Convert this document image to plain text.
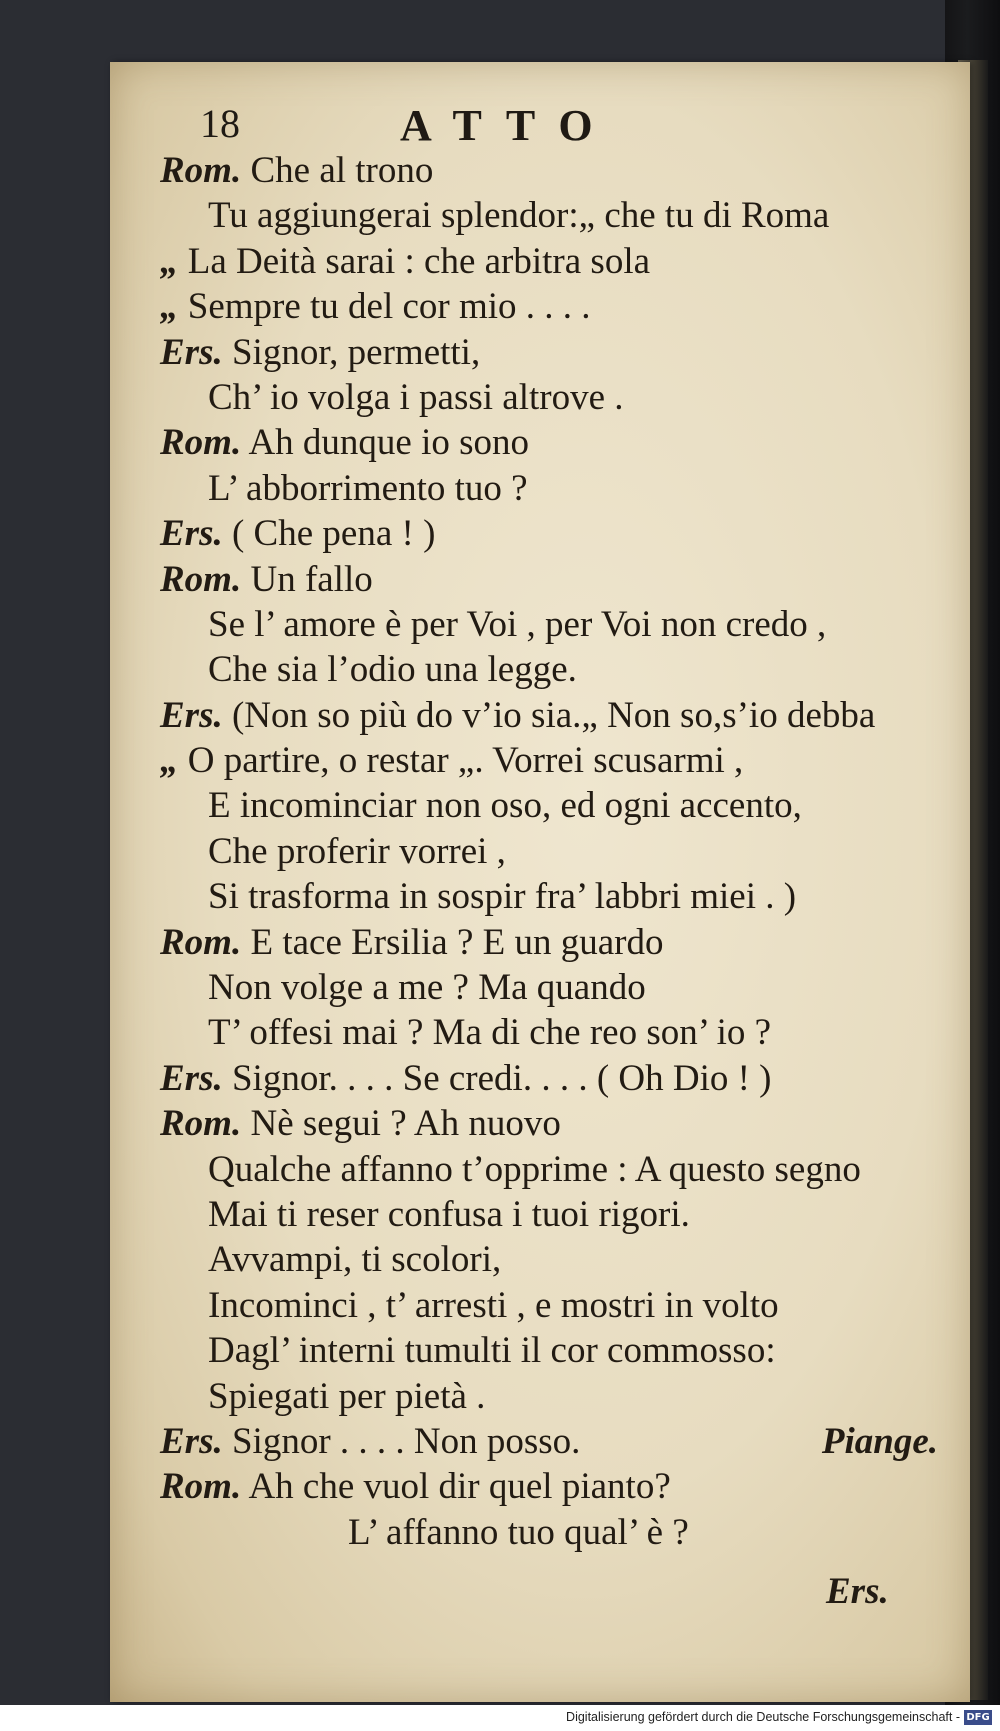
18	ATTO
Rom. Che al trono
Tu aggiungerai splendor:„ che tu di Roma
„ La Deità sarai : che arbitra sola
„ Sempre tu del cor mio . . . .
Ers. Signor, permetti,
Ch’ io volga i passi altrove .
Rom. Ah dunque io sono
L’ abborrimento tuo ?
Ers. ( Che pena ! )
Rom. Un fallo
Se l’ amore è per Voi , per Voi non credo ,
Che sia l’odio una legge.
Ers. (Non so più do v’io sia.„ Non so,s’io debba
„ O partire, o restar „. Vorrei scusarmi ,
E incominciar non oso, ed ogni accento,
Che proferir vorrei ,
Si trasforma in sospir fra’ labbri miei . )
Rom. E tace Ersilia ? E un guardo
Non volge a me ? Ma quando
T’ offesi mai ? Ma di che reo son’ io ?
Ers. Signor. . . . Se credi. . . . ( Oh Dio ! )
Rom. Nè segui ? Ah nuovo
Qualche affanno t’opprime : A questo segno
Mai ti reser confusa i tuoi rigori.
Avvampi, ti scolori,
Incominci , t’ arresti , e mostri in volto
Dagl’ interni tumulti il cor commosso:
Spiegati per pietà .
Ers. Signor . . . . Non posso.	Piange.
Rom. Ah che vuol dir quel pianto?
L’ affanno tuo qual’ è ?
Ers.
Digitalisierung gefördert durch die Deutsche Forschungsgemeinschaft - DFG
